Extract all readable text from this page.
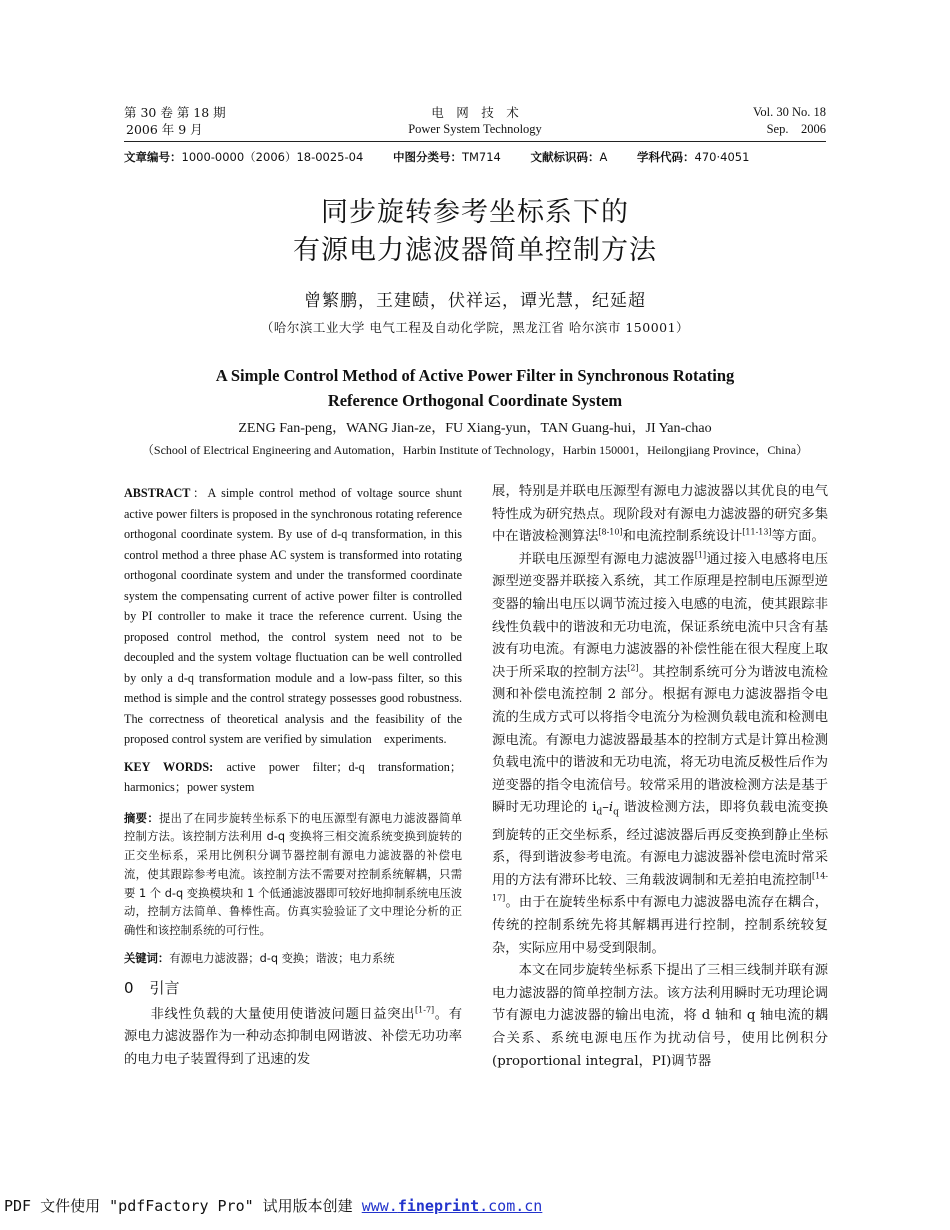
第 30 卷 第 18 期
2006 年 9 月
电　网　技　术
Power System Technology
Vol. 30 No. 18
Sep.　2006
文章编号：1000-0000（2006）18-0025-04	中图分类号：TM714	文献标识码：A	学科代码：470·4051
同步旋转参考坐标系下的
有源电力滤波器简单控制方法
曾繁鹏，王建赜，伏祥运，谭光慧，纪延超
（哈尔滨工业大学 电气工程及自动化学院，黑龙江省 哈尔滨市 150001）
A Simple Control Method of Active Power Filter in Synchronous Rotating
Reference Orthogonal Coordinate System
ZENG Fan-peng，WANG Jian-ze，FU Xiang-yun，TAN Guang-hui，JI Yan-chao
（School of Electrical Engineering and Automation，Harbin Institute of Technology，Harbin 150001，Heilongjiang Province，China）

ABSTRACT：A simple control method of voltage source shunt active power filters is proposed in the synchronous rotating reference orthogonal coordinate system. By use of d-q transformation, in this control method a three phase AC system is transformed into rotating orthogonal coordinate system and under the transformed coordinate system the compensating current of active power filter is controlled by PI controller to make it trace the reference current. Using the proposed control method, the control system need not to be decoupled and the system voltage fluctuation can be well controlled by only a d-q transformation module and a low-pass filter, so this method is simple and the control strategy possesses good robustness. The correctness of theoretical analysis and the feasibility of the proposed control system are verified by simulation　experiments.

KEY WORDS: active power filter；d-q transformation；harmonics；power system

摘要：提出了在同步旋转坐标系下的电压源型有源电力滤波器简单控制方法。该控制方法利用 d-q 变换将三相交流系统变换到旋转的正交坐标系，采用比例积分调节器控制有源电力滤波器的补偿电流，使其跟踪参考电流。该控制方法不需要对控制系统解耦，只需要 1 个 d-q 变换模块和 1 个低通滤波器即可较好地抑制系统电压波动，控制方法简单、鲁棒性高。仿真实验验证了文中理论分析的正确性和该控制系统的可行性。

关键词：有源电力滤波器；d-q 变换；谐波；电力系统

0 引言

非线性负载的大量使用使谐波问题日益突出[1-7]。有源电力滤波器作为一种动态抑制电网谐波、补偿无功功率的电力电子装置得到了迅速的发

展，特别是并联电压源型有源电力滤波器以其优良的电气特性成为研究热点。现阶段对有源电力滤波器的研究多集中在谐波检测算法[8-10]和电流控制系统设计[11-13]等方面。

并联电压源型有源电力滤波器[1]通过接入电感将电压源型逆变器并联接入系统，其工作原理是控制电压源型逆变器的输出电压以调节流过接入电感的电流，使其跟踪非线性负载中的谐波和无功电流，保证系统电流中只含有基波有功电流。有源电力滤波器的补偿性能在很大程度上取决于所采取的控制方法[2]。其控制系统可分为谐波电流检测和补偿电流控制 2 部分。根据有源电力滤波器指令电流的生成方式可以将指令电流分为检测负载电流和检测电源电流。有源电力滤波器最基本的控制方式是计算出检测负载电流中的谐波和无功电流，将无功电流反极性后作为逆变器的指令电流信号。较常采用的谐波检测方法是基于瞬时无功理论的 $i_d-i_q$ 谐波检测方法，即将负载电流变换到旋转的正交坐标系，经过滤波器后再反变换到静止坐标系，得到谐波参考电流。有源电力滤波器补偿电流时常采用的方法有滞环比较、三角载波调制和无差拍电流控制[14-17]。由于在旋转坐标系中有源电力滤波器电流存在耦合，传统的控制系统先将其解耦再进行控制，控制系统较复杂，实际应用中易受到限制。

本文在同步旋转坐标系下提出了三相三线制并联有源电力滤波器的简单控制方法。该方法利用瞬时无功理论调节有源电力滤波器的输出电流，将 d 轴和 q 轴电流的耦合关系、系统电源电压作为扰动信号，使用比例积分(proportional integral，PI)调节器

PDF 文件使用 "pdfFactory Pro" 试用版本创建 www.fineprint.com.cn
